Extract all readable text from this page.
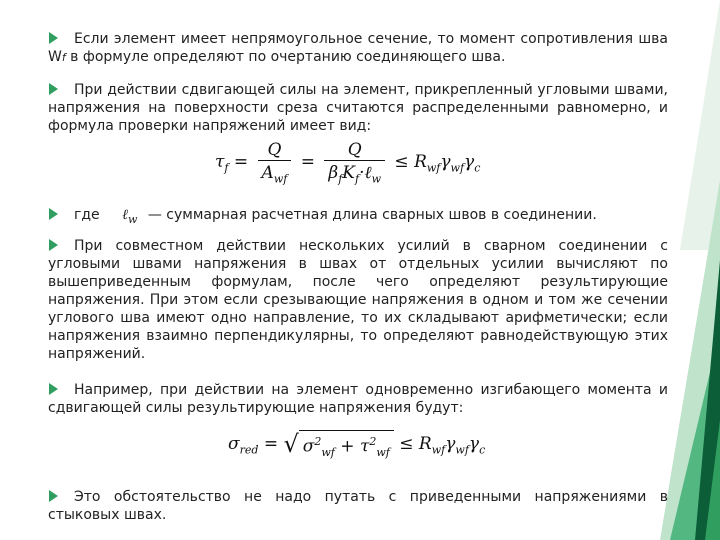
Если элемент имеет непрямоугольное сечение, то момент сопротивления шва Wf в формуле определяют по очертанию соединяющего шва.
При действии сдвигающей силы на элемент, прикрепленный угловыми швами, напряжения на поверхности среза считаются распределенными равномерно, и формула проверки напряжений имеет вид:
$\tau_f = \frac{Q}{A_{wf}} = \frac{Q}{\beta_fK_f\cdot\ell_w} \le R_{wf}\gamma_{wf}\gamma_c$
где ℓ$_w$ — суммарная расчетная длина сварных швов в соединении.
При совместном действии нескольких усилий в сварном соединении с угловыми швами напряжения в швах от отдельных усилии вычисляют по вышеприведенным формулам, после чего определяют результирующие напряжения. При этом если срезывающие напряжения в одном и том же сечении углового шва имеют одно направление, то их складывают арифметически; если напряжения взаимно перпендикулярны, то определяют равнодействующую этих напряжений.
Например, при действии на элемент одновременно изгибающего момента и сдвигающей силы результирующие напряжения будут:
$\sigma_{red}$ = √ $\sigma^2_{wf} + \tau^2_{wf} \le R_{wf}\gamma_{wf}\gamma_c$
Это обстоятельство не надо путать с приведенными напряжениями в стыковых швах.
